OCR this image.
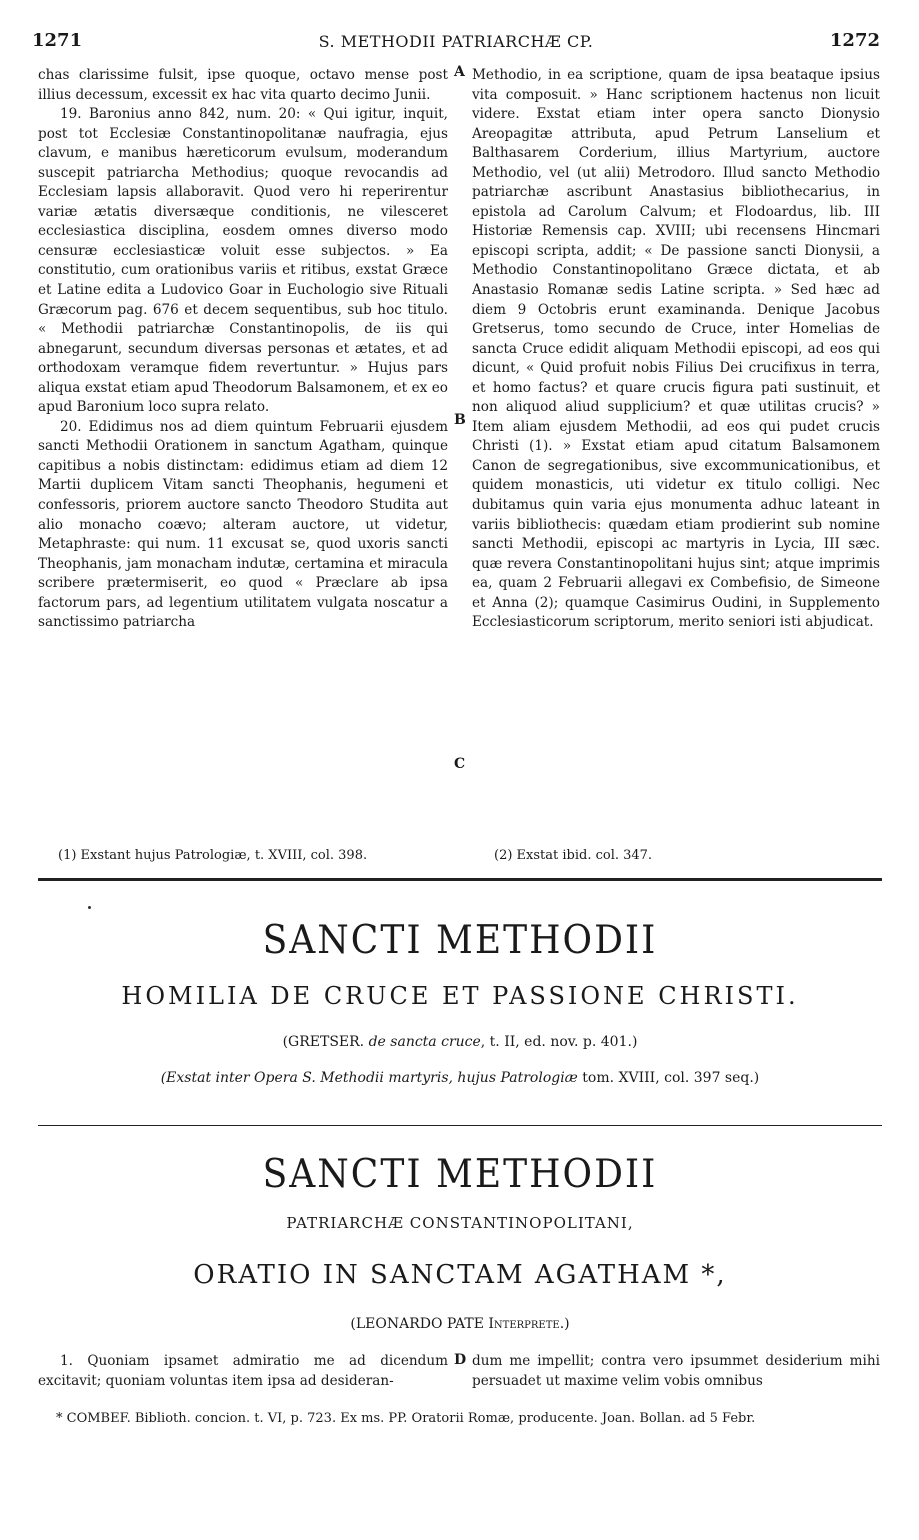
1271	S. METHODII PATRIARCHÆ CP.	1272

chas clarissime fulsit, ipse quoque, octavo mense post illius decessum, excessit ex hac vita quarto decimo Junii.

19. Baronius anno 842, num. 20: « Qui igitur, inquit, post tot Ecclesiæ Constantinopolitanæ naufragia, ejus clavum, e manibus hæreticorum evulsum, moderandum suscepit patriarcha Methodius; quoque revocandis ad Ecclesiam lapsis allaboravit. Quod vero hi reperirentur variæ ætatis diversæque conditionis, ne vilesceret ecclesiastica disciplina, eosdem omnes diverso modo censuræ ecclesiasticæ voluit esse subjectos. » Ea constitutio, cum orationibus variis et ritibus, exstat Græce et Latine edita a Ludovico Goar in Euchologio sive Rituali Græcorum pag. 676 et decem sequentibus, sub hoc titulo. « Methodii patriarchæ Constantinopolis, de iis qui abnegarunt, secundum diversas personas et ætates, et ad orthodoxam veramque fidem revertuntur. » Hujus pars aliqua exstat etiam apud Theodorum Balsamonem, et ex eo apud Baronium loco supra relato.

20. Edidimus nos ad diem quintum Februarii ejusdem sancti Methodii Orationem in sanctum Agatham, quinque capitibus a nobis distinctam: edidimus etiam ad diem 12 Martii duplicem Vitam sancti Theophanis, hegumeni et confessoris, priorem auctore sancto Theodoro Studita aut alio monacho coævo; alteram auctore, ut videtur, Metaphraste: qui num. 11 excusat se, quod uxoris sancti Theophanis, jam monacham indutæ, certamina et miracula scribere prætermiserit, eo quod « Præclare ab ipsa factorum pars, ad legentium utilitatem vulgata noscatur a sanctissimo patriarcha

Methodio, in ea scriptione, quam de ipsa beataque ipsius vita composuit. » Hanc scriptionem hactenus non licuit videre. Exstat etiam inter opera sancto Dionysio Areopagitæ attributa, apud Petrum Lanselium et Balthasarem Corderium, illius Martyrium, auctore Methodio, vel (ut alii) Metrodoro. Illud sancto Methodio patriarchæ ascribunt Anastasius bibliothecarius, in epistola ad Carolum Calvum; et Flodoardus, lib. III Historiæ Remensis cap. XVIII; ubi recensens Hincmari episcopi scripta, addit; « De passione sancti Dionysii, a Methodio Constantinopolitano Græce dictata, et ab Anastasio Romanæ sedis Latine scripta. » Sed hæc ad diem 9 Octobris erunt examinanda. Denique Jacobus Gretserus, tomo secundo de Cruce, inter Homelias de sancta Cruce edidit aliquam Methodii episcopi, ad eos qui dicunt, « Quid profuit nobis Filius Dei crucifixus in terra, et homo factus? et quare crucis figura pati sustinuit, et non aliquod aliud supplicium? et quæ utilitas crucis? » Item aliam ejusdem Methodii, ad eos qui pudet crucis Christi (1). » Exstat etiam apud citatum Balsamonem Canon de segregationibus, sive excommunicationibus, et quidem monasticis, uti videtur ex titulo colligi. Nec dubitamus quin varia ejus monumenta adhuc lateant in variis bibliothecis: quædam etiam prodierint sub nomine sancti Methodii, episcopi ac martyris in Lycia, III sæc. quæ revera Constantinopolitani hujus sint; atque imprimis ea, quam 2 Februarii allegavi ex Combefisio, de Simeone et Anna (2); quamque Casimirus Oudini, in Supplemento Ecclesiasticorum scriptorum, merito seniori isti abjudicat.

A
B
C
D
(1) Exstant hujus Patrologiæ, t. XVIII, col. 398.	(2) Exstat ibid. col. 347.
SANCTI METHODII
HOMILIA DE CRUCE ET PASSIONE CHRISTI.
(GRETSER. de sancta cruce, t. II, ed. nov. p. 401.)
(Exstat inter Opera S. Methodii martyris, hujus Patrologiæ tom. XVIII, col. 397 seq.)
SANCTI METHODII
PATRIARCHÆ CONSTANTINOPOLITANI,
ORATIO IN SANCTAM AGATHAM *,
(LEONARDO PATE Interprete.)

1. Quoniam ipsamet admiratio me ad dicendum excitavit; quoniam voluntas item ipsa ad desideran-

dum me impellit; contra vero ipsummet desiderium mihi persuadet ut maxime velim vobis omnibus

* COMBEF. Biblioth. concion. t. VI, p. 723. Ex ms. PP. Oratorii Romæ, producente. Joan. Bollan. ad 5 Febr.
